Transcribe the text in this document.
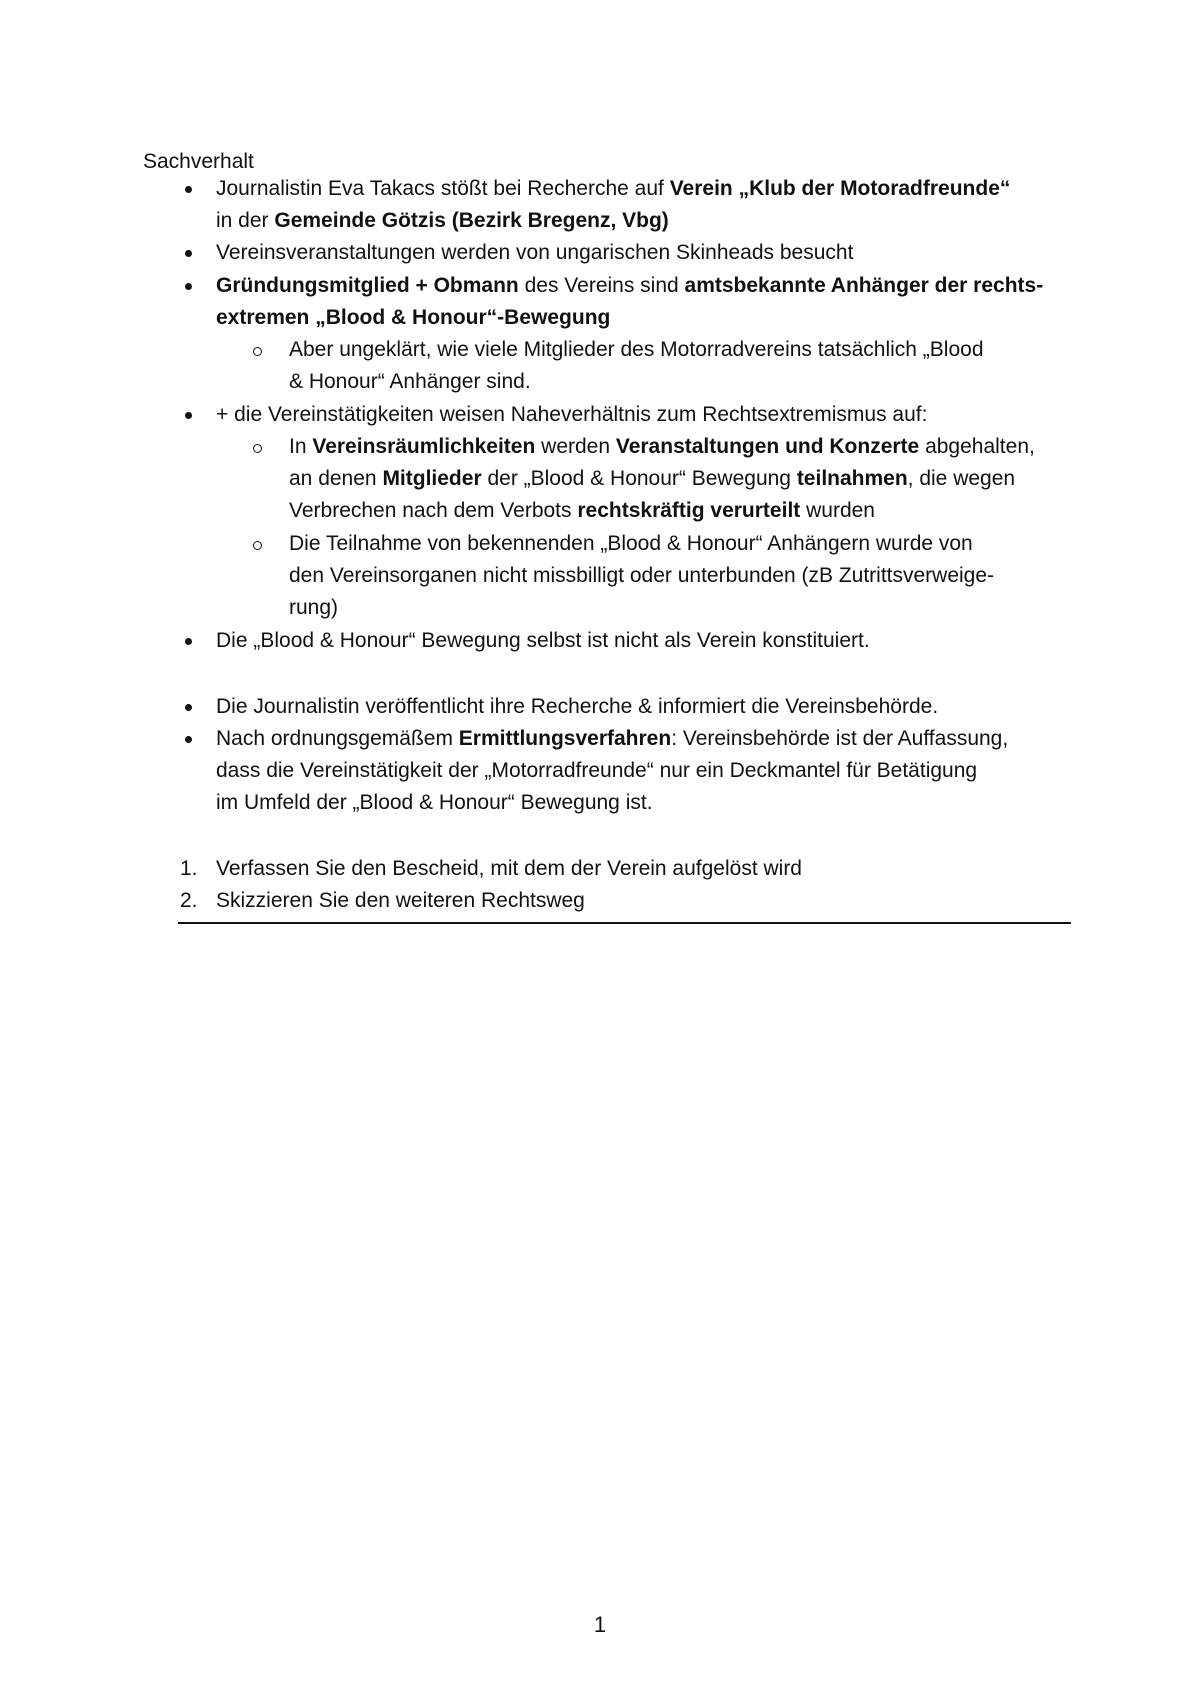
Sachverhalt
Journalistin Eva Takacs stößt bei Recherche auf Verein „Klub der Motoradfreunde“
in der Gemeinde Götzis (Bezirk Bregenz, Vbg)
Vereinsveranstaltungen werden von ungarischen Skinheads besucht
Gründungsmitglied + Obmann des Vereins sind amtsbekannte Anhänger der rechts-
extremen „Blood & Honour“-Bewegung
Aber ungeklärt, wie viele Mitglieder des Motorradvereins tatsächlich „Blood
& Honour“ Anhänger sind.
+ die Vereinstätigkeiten weisen Naheverhältnis zum Rechtsextremismus auf:
In Vereinsräumlichkeiten werden Veranstaltungen und Konzerte abgehalten,
an denen Mitglieder der „Blood & Honour“ Bewegung teilnahmen, die wegen
Verbrechen nach dem Verbots rechtskräftig verurteilt wurden
Die Teilnahme von bekennenden „Blood & Honour“ Anhängern wurde von
den Vereinsorganen nicht missbilligt oder unterbunden (zB Zutrittsverweige-
rung)
Die „Blood & Honour“ Bewegung selbst ist nicht als Verein konstituiert.
Die Journalistin veröffentlicht ihre Recherche & informiert die Vereinsbehörde.
Nach ordnungsgemäßem Ermittlungsverfahren: Vereinsbehörde ist der Auffassung,
dass die Vereinstätigkeit der „Motorradfreunde“ nur ein Deckmantel für Betätigung
im Umfeld der „Blood & Honour“ Bewegung ist.
1. Verfassen Sie den Bescheid, mit dem der Verein aufgelöst wird
2. Skizzieren Sie den weiteren Rechtsweg
1
